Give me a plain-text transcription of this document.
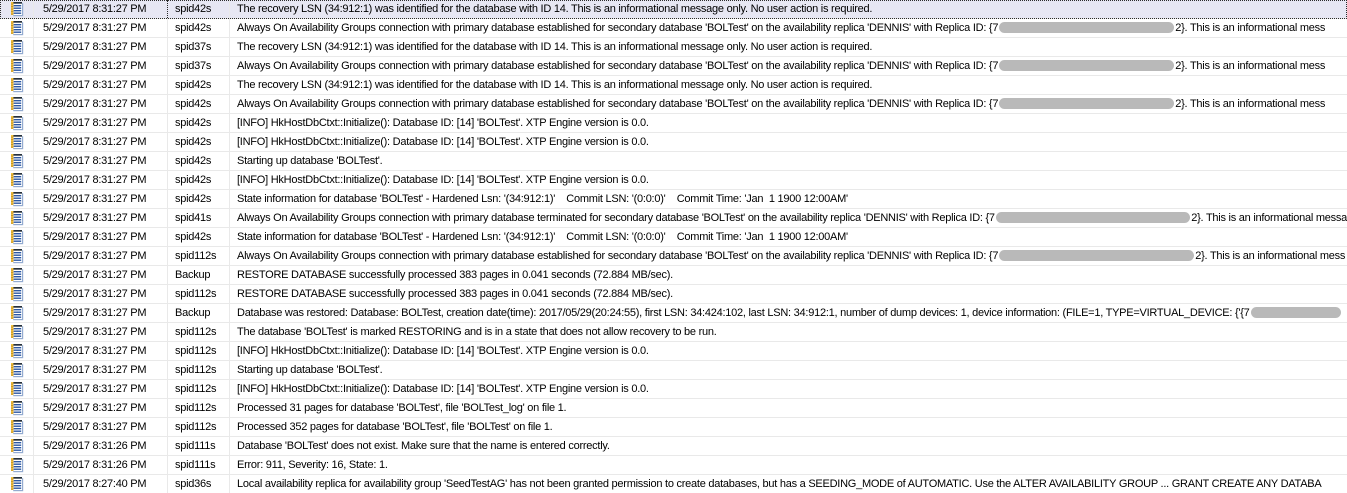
5/29/2017 8:31:27 PM	spid42s	The recovery LSN (34:912:1) was identified for the database with ID 14. This is an informational message only. No user action is required.
5/29/2017 8:31:27 PM	spid42s	Always On Availability Groups connection with primary database established for secondary database 'BOLTest' on the availability replica 'DENNIS' with Replica ID: {7	2}. This is an informational mess
5/29/2017 8:31:27 PM	spid37s	The recovery LSN (34:912:1) was identified for the database with ID 14. This is an informational message only. No user action is required.
5/29/2017 8:31:27 PM	spid37s	Always On Availability Groups connection with primary database established for secondary database 'BOLTest' on the availability replica 'DENNIS' with Replica ID: {7	2}. This is an informational mess
5/29/2017 8:31:27 PM	spid42s	The recovery LSN (34:912:1) was identified for the database with ID 14. This is an informational message only. No user action is required.
5/29/2017 8:31:27 PM	spid42s	Always On Availability Groups connection with primary database established for secondary database 'BOLTest' on the availability replica 'DENNIS' with Replica ID: {7	2}. This is an informational mess
5/29/2017 8:31:27 PM	spid42s	[INFO] HkHostDbCtxt::Initialize(): Database ID: [14] 'BOLTest'. XTP Engine version is 0.0.
5/29/2017 8:31:27 PM	spid42s	[INFO] HkHostDbCtxt::Initialize(): Database ID: [14] 'BOLTest'. XTP Engine version is 0.0.
5/29/2017 8:31:27 PM	spid42s	Starting up database 'BOLTest'.
5/29/2017 8:31:27 PM	spid42s	[INFO] HkHostDbCtxt::Initialize(): Database ID: [14] 'BOLTest'. XTP Engine version is 0.0.
5/29/2017 8:31:27 PM	spid42s	State information for database 'BOLTest' - Hardened Lsn: '(34:912:1)'    Commit LSN: '(0:0:0)'    Commit Time: 'Jan  1 1900 12:00AM'
5/29/2017 8:31:27 PM	spid41s	Always On Availability Groups connection with primary database terminated for secondary database 'BOLTest' on the availability replica 'DENNIS' with Replica ID: {7	2}. This is an informational messa
5/29/2017 8:31:27 PM	spid42s	State information for database 'BOLTest' - Hardened Lsn: '(34:912:1)'    Commit LSN: '(0:0:0)'    Commit Time: 'Jan  1 1900 12:00AM'
5/29/2017 8:31:27 PM	spid112s	Always On Availability Groups connection with primary database established for secondary database 'BOLTest' on the availability replica 'DENNIS' with Replica ID: {7	2}. This is an informational mess
5/29/2017 8:31:27 PM	Backup	RESTORE DATABASE successfully processed 383 pages in 0.041 seconds (72.884 MB/sec).
5/29/2017 8:31:27 PM	spid112s	RESTORE DATABASE successfully processed 383 pages in 0.041 seconds (72.884 MB/sec).
5/29/2017 8:31:27 PM	Backup	Database was restored: Database: BOLTest, creation date(time): 2017/05/29(20:24:55), first LSN: 34:424:102, last LSN: 34:912:1, number of dump devices: 1, device information: (FILE=1, TYPE=VIRTUAL_DEVICE: {'{7
5/29/2017 8:31:27 PM	spid112s	The database 'BOLTest' is marked RESTORING and is in a state that does not allow recovery to be run.
5/29/2017 8:31:27 PM	spid112s	[INFO] HkHostDbCtxt::Initialize(): Database ID: [14] 'BOLTest'. XTP Engine version is 0.0.
5/29/2017 8:31:27 PM	spid112s	Starting up database 'BOLTest'.
5/29/2017 8:31:27 PM	spid112s	[INFO] HkHostDbCtxt::Initialize(): Database ID: [14] 'BOLTest'. XTP Engine version is 0.0.
5/29/2017 8:31:27 PM	spid112s	Processed 31 pages for database 'BOLTest', file 'BOLTest_log' on file 1.
5/29/2017 8:31:27 PM	spid112s	Processed 352 pages for database 'BOLTest', file 'BOLTest' on file 1.
5/29/2017 8:31:26 PM	spid111s	Database 'BOLTest' does not exist. Make sure that the name is entered correctly.
5/29/2017 8:31:26 PM	spid111s	Error: 911, Severity: 16, State: 1.
5/29/2017 8:27:40 PM	spid36s	Local availability replica for availability group 'SeedTestAG' has not been granted permission to create databases, but has a SEEDING_MODE of AUTOMATIC. Use the ALTER AVAILABILITY GROUP ... GRANT CREATE ANY DATABA
